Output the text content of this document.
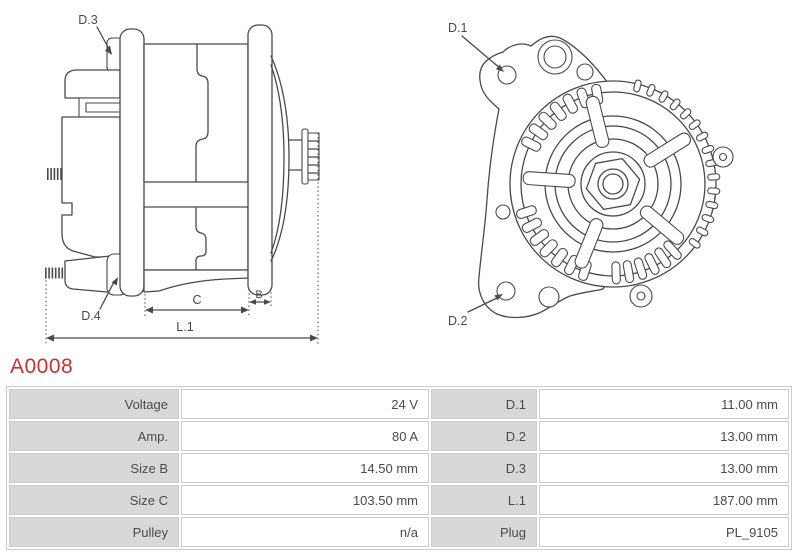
D.3
D.4
C	B
L.1
D.1
D.2
A0008
Voltage	24 V	D.1	11.00 mm
Amp.	80 A	D.2	13.00 mm
Size B	14.50 mm	D.3	13.00 mm
Size C	103.50 mm	L.1	187.00 mm
Pulley	n/a	Plug	PL_9105
